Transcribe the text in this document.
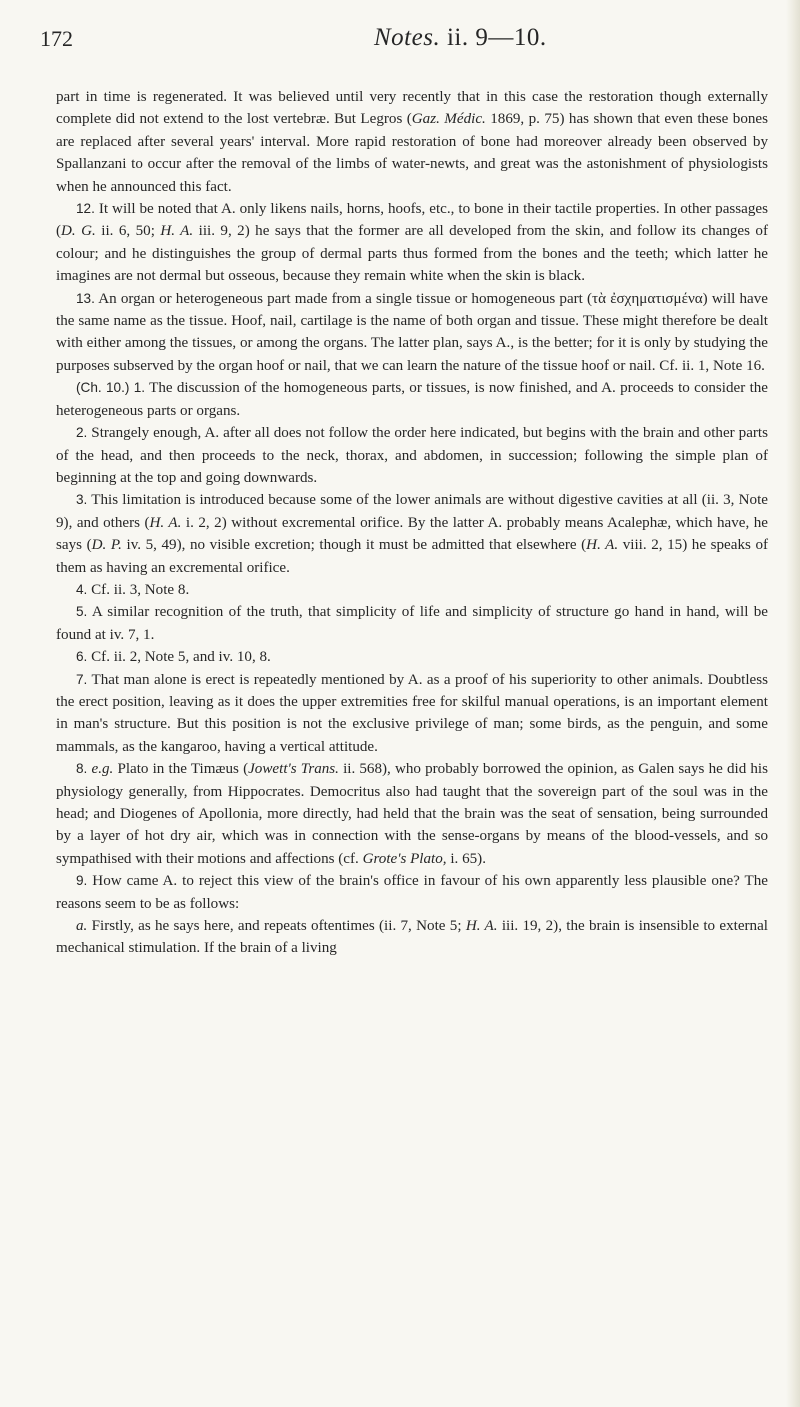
172	Notes. ii. 9—10.

part in time is regenerated. It was believed until very recently that in this case the restoration though externally complete did not extend to the lost vertebræ. But Legros (Gaz. Médic. 1869, p. 75) has shown that even these bones are replaced after several years' interval. More rapid restoration of bone had moreover already been observed by Spallanzani to occur after the removal of the limbs of water-newts, and great was the astonishment of physiologists when he announced this fact.

12. It will be noted that A. only likens nails, horns, hoofs, etc., to bone in their tactile properties. In other passages (D. G. ii. 6, 50; H. A. iii. 9, 2) he says that the former are all developed from the skin, and follow its changes of colour; and he distinguishes the group of dermal parts thus formed from the bones and the teeth; which latter he imagines are not dermal but osseous, because they remain white when the skin is black.

13. An organ or heterogeneous part made from a single tissue or homogeneous part (τὰ ἐσχηματισμένα) will have the same name as the tissue. Hoof, nail, cartilage is the name of both organ and tissue. These might therefore be dealt with either among the tissues, or among the organs. The latter plan, says A., is the better; for it is only by studying the purposes subserved by the organ hoof or nail, that we can learn the nature of the tissue hoof or nail. Cf. ii. 1, Note 16.

(Ch. 10.) 1. The discussion of the homogeneous parts, or tissues, is now finished, and A. proceeds to consider the heterogeneous parts or organs.

2. Strangely enough, A. after all does not follow the order here indicated, but begins with the brain and other parts of the head, and then proceeds to the neck, thorax, and abdomen, in succession; following the simple plan of beginning at the top and going downwards.

3. This limitation is introduced because some of the lower animals are without digestive cavities at all (ii. 3, Note 9), and others (H. A. i. 2, 2) without excremental orifice. By the latter A. probably means Acalephæ, which have, he says (D. P. iv. 5, 49), no visible excretion; though it must be admitted that elsewhere (H. A. viii. 2, 15) he speaks of them as having an excremental orifice.

4. Cf. ii. 3, Note 8.

5. A similar recognition of the truth, that simplicity of life and simplicity of structure go hand in hand, will be found at iv. 7, 1.

6. Cf. ii. 2, Note 5, and iv. 10, 8.

7. That man alone is erect is repeatedly mentioned by A. as a proof of his superiority to other animals. Doubtless the erect position, leaving as it does the upper extremities free for skilful manual operations, is an important element in man's structure. But this position is not the exclusive privilege of man; some birds, as the penguin, and some mammals, as the kangaroo, having a vertical attitude.

8. e.g. Plato in the Timæus (Jowett's Trans. ii. 568), who probably borrowed the opinion, as Galen says he did his physiology generally, from Hippocrates. Democritus also had taught that the sovereign part of the soul was in the head; and Diogenes of Apollonia, more directly, had held that the brain was the seat of sensation, being surrounded by a layer of hot dry air, which was in connection with the sense-organs by means of the blood-vessels, and so sympathised with their motions and affections (cf. Grote's Plato, i. 65).

9. How came A. to reject this view of the brain's office in favour of his own apparently less plausible one? The reasons seem to be as follows:

a. Firstly, as he says here, and repeats oftentimes (ii. 7, Note 5; H. A. iii. 19, 2), the brain is insensible to external mechanical stimulation. If the brain of a living
